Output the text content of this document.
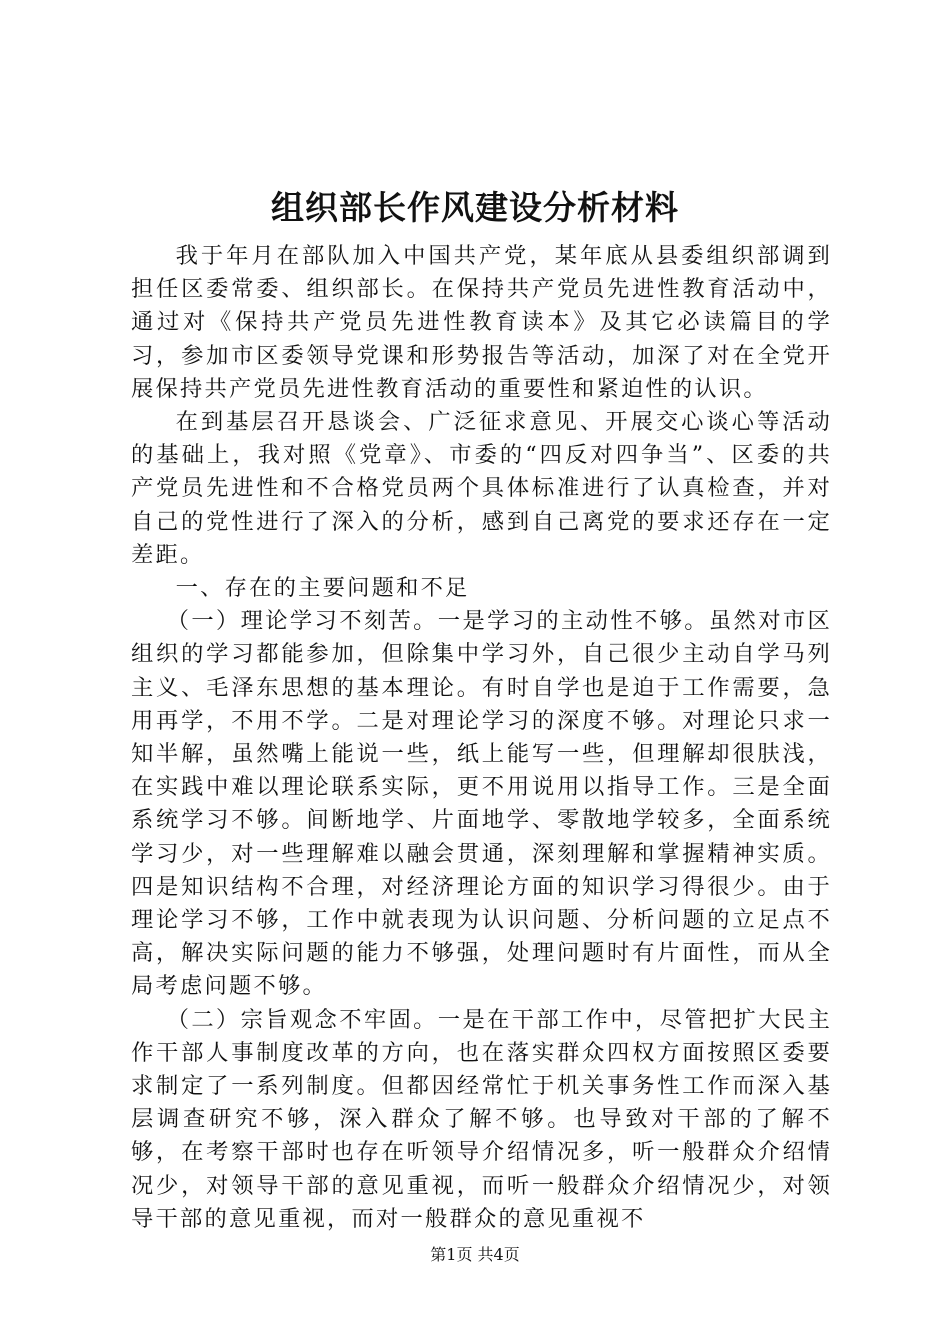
组织部长作风建设分析材料

我于年月在部队加入中国共产党，某年底从县委组织部调到担任区委常委、组织部长。在保持共产党员先进性教育活动中，通过对《保持共产党员先进性教育读本》及其它必读篇目的学习，参加市区委领导党课和形势报告等活动，加深了对在全党开展保持共产党员先进性教育活动的重要性和紧迫性的认识。

在到基层召开恳谈会、广泛征求意见、开展交心谈心等活动的基础上，我对照《党章》、市委的“四反对四争当”、区委的共产党员先进性和不合格党员两个具体标准进行了认真检查，并对自己的党性进行了深入的分析，感到自己离党的要求还存在一定差距。

一、存在的主要问题和不足

（一）理论学习不刻苦。一是学习的主动性不够。虽然对市区组织的学习都能参加，但除集中学习外，自己很少主动自学马列主义、毛泽东思想的基本理论。有时自学也是迫于工作需要，急用再学，不用不学。二是对理论学习的深度不够。对理论只求一知半解，虽然嘴上能说一些，纸上能写一些，但理解却很肤浅，在实践中难以理论联系实际，更不用说用以指导工作。三是全面系统学习不够。间断地学、片面地学、零散地学较多，全面系统学习少，对一些理解难以融会贯通，深刻理解和掌握精神实质。四是知识结构不合理，对经济理论方面的知识学习得很少。由于理论学习不够，工作中就表现为认识问题、分析问题的立足点不高，解决实际问题的能力不够强，处理问题时有片面性，而从全局考虑问题不够。

（二）宗旨观念不牢固。一是在干部工作中，尽管把扩大民主作干部人事制度改革的方向，也在落实群众四权方面按照区委要求制定了一系列制度。但都因经常忙于机关事务性工作而深入基层调查研究不够，深入群众了解不够。也导致对干部的了解不够，在考察干部时也存在听领导介绍情况多，听一般群众介绍情况少，对领导干部的意见重视，而听一般群众介绍情况少，对领导干部的意见重视，而对一般群众的意见重视不

第1页 共4页
